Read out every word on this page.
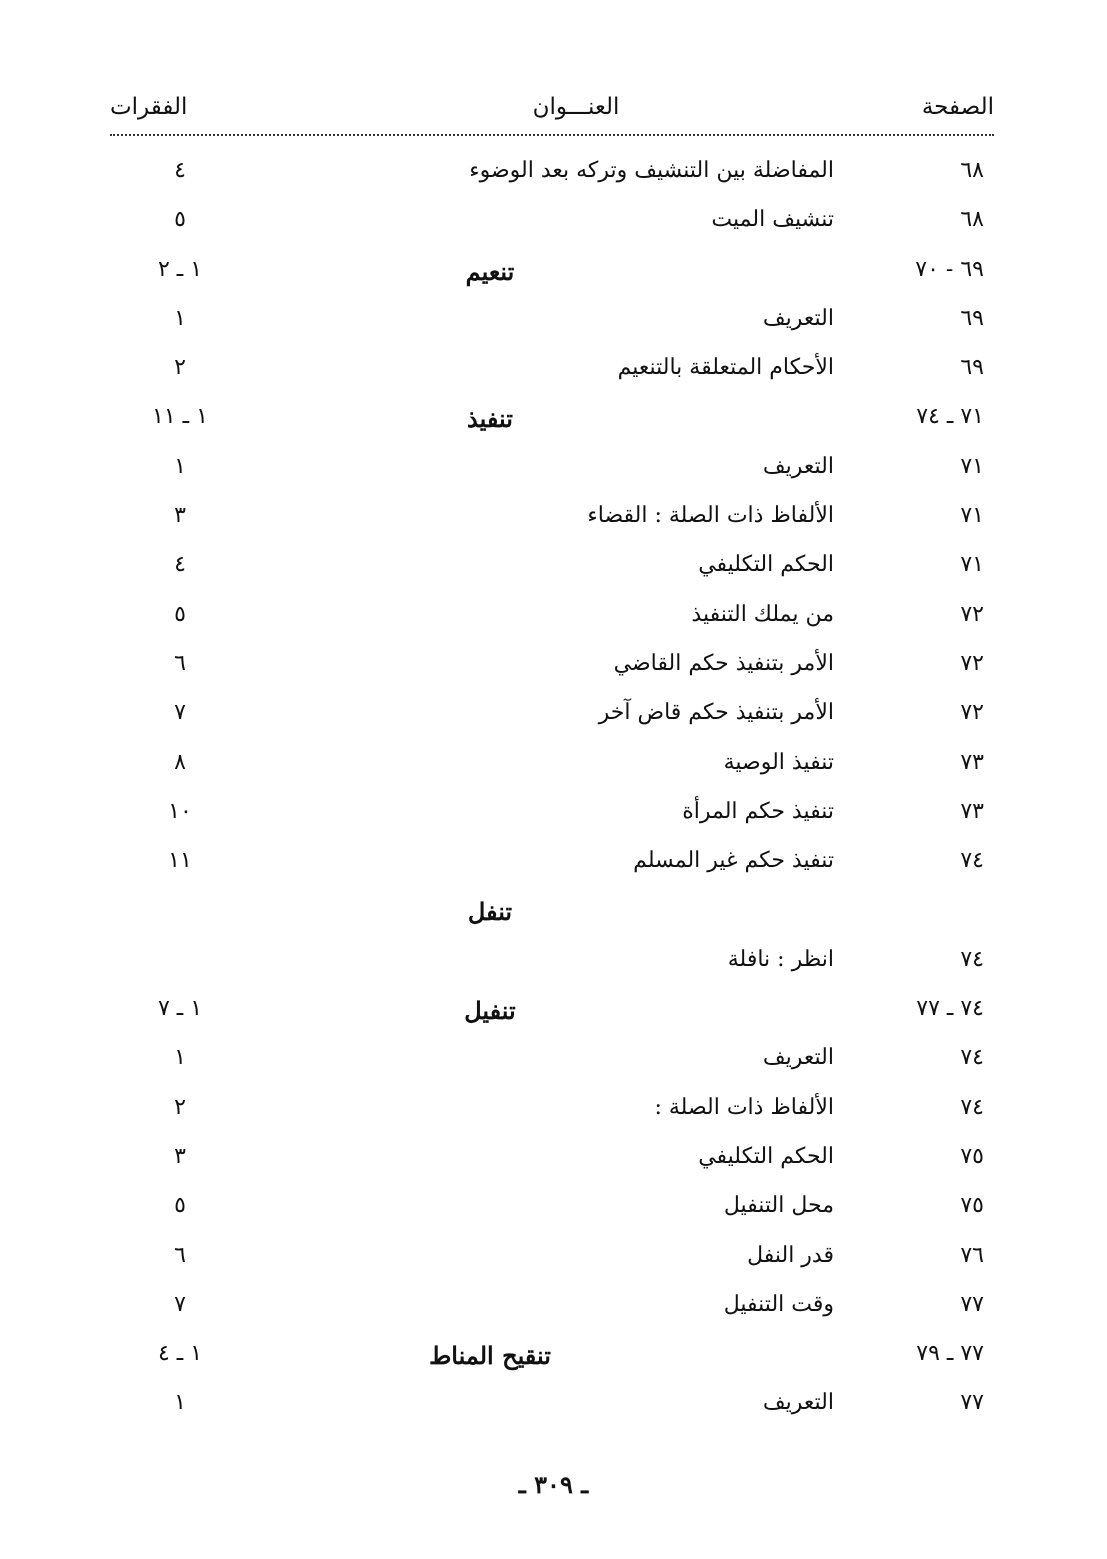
الصفحة
العنـــوان
الفقرات
٦٨
المفاضلة بين التنشيف وتركه بعد الوضوء
٤
٦٨
تنشيف الميت
٥
٦٩ - ٧٠
تنعيم
١ ـ ٢
٦٩
التعريف
١
٦٩
الأحكام المتعلقة بالتنعيم
٢
٧١ ـ ٧٤
تنفيذ
١ ـ ١١
٧١
التعريف
١
٧١
الألفاظ ذات الصلة : القضاء
٣
٧١
الحكم التكليفي
٤
٧٢
من يملك التنفيذ
٥
٧٢
الأمر بتنفيذ حكم القاضي
٦
٧٢
الأمر بتنفيذ حكم قاض آخر
٧
٧٣
تنفيذ الوصية
٨
٧٣
تنفيذ حكم المرأة
١٠
٧٤
تنفيذ حكم غير المسلم
١١
تنفل
٧٤
انظر : نافلة
٧٤ ـ ٧٧
تنفيل
١ ـ ٧
٧٤
التعريف
١
٧٤
الألفاظ ذات الصلة :
٢
٧٥
الحكم التكليفي
٣
٧٥
محل التنفيل
٥
٧٦
قدر النفل
٦
٧٧
وقت التنفيل
٧
٧٧ ـ ٧٩
تنقيح المناط
١ ـ ٤
٧٧
التعريف
١
ـ ٣٠٩ ـ
